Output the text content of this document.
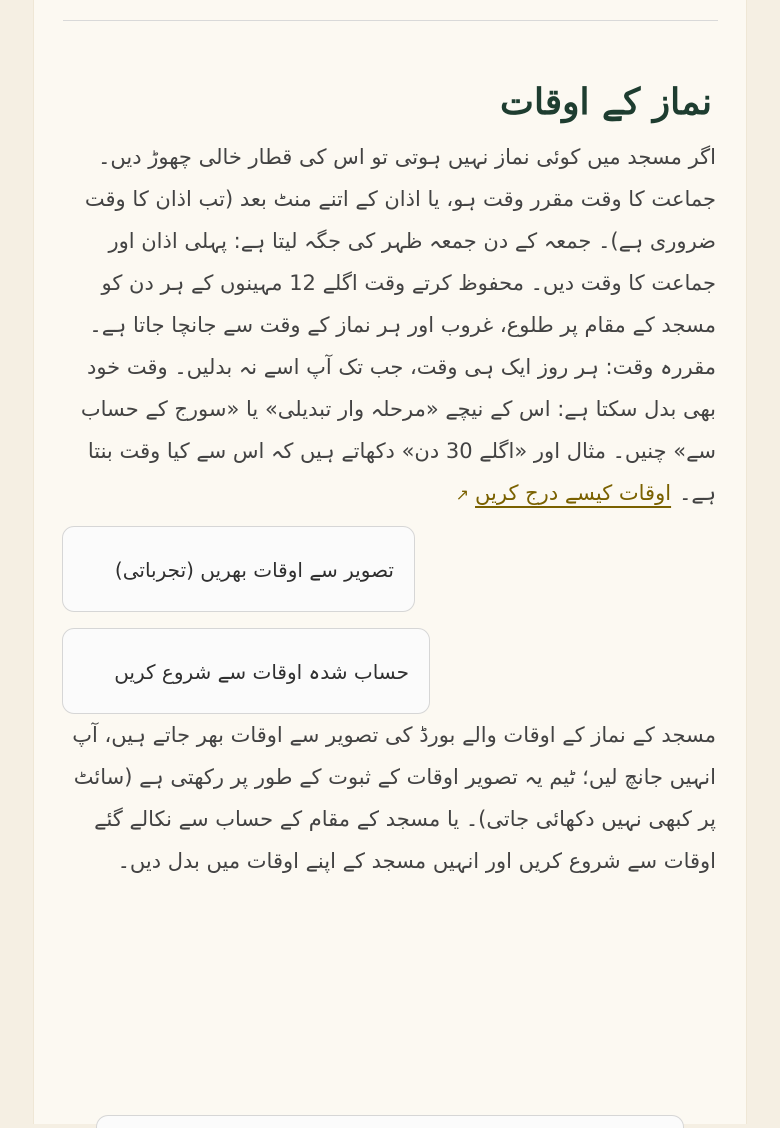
نماز کے اوقات

اگر مسجد میں کوئی نماز نہیں ہوتی تو اس کی قطار خالی چھوڑ دیں۔ جماعت کا وقت مقرر وقت ہو، یا اذان کے اتنے منٹ بعد (تب اذان کا وقت ضروری ہے)۔ جمعہ کے دن جمعہ ظہر کی جگہ لیتا ہے: پہلی اذان اور جماعت کا وقت دیں۔ محفوظ کرتے وقت اگلے 12 مہینوں کے ہر دن کو مسجد کے مقام پر طلوع، غروب اور ہر نماز کے وقت سے جانچا جاتا ہے۔

مقررہ وقت: ہر روز ایک ہی وقت، جب تک آپ اسے نہ بدلیں۔ وقت خود بھی بدل سکتا ہے: اس کے نیچے «مرحلہ وار تبدیلی» یا «سورج کے حساب سے» چنیں۔ مثال اور «اگلے 30 دن» دکھاتے ہیں کہ اس سے کیا وقت بنتا ہے۔اوقات کیسے درج کریں↗

تصویر سے اوقات بھریں (تجرباتی)
حساب شدہ اوقات سے شروع کریں

مسجد کے نماز کے اوقات والے بورڈ کی تصویر سے اوقات بھر جاتے ہیں، آپ انہیں جانچ لیں؛ ٹیم یہ تصویر اوقات کے ثبوت کے طور پر رکھتی ہے (سائٹ پر کبھی نہیں دکھائی جاتی)۔ یا مسجد کے مقام کے حساب سے نکالے گئے اوقات سے شروع کریں اور انہیں مسجد کے اپنے اوقات میں بدل دیں۔
